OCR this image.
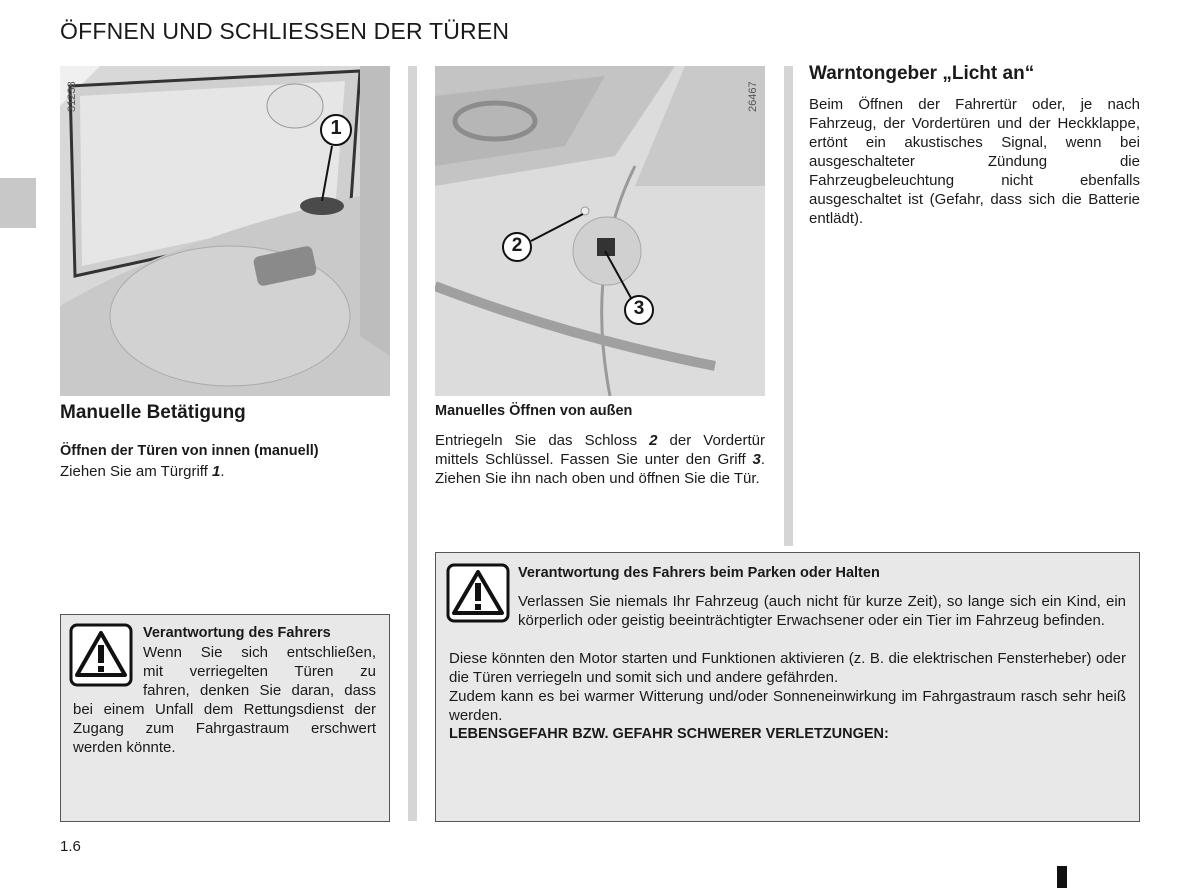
ÖFFNEN UND SCHLIESSEN DER TÜREN
31238
1
26467
2
3
Manuelle Betätigung

Öffnen der Türen von innen (manuell)

Ziehen Sie am Türgriff 1.

Manuelles Öffnen von außen

Entriegeln Sie das Schloss 2 der Vordertür mittels Schlüssel. Fassen Sie unter den Griff 3. Ziehen Sie ihn nach oben und öffnen Sie die Tür.

Warntongeber „Licht an“

Beim Öffnen der Fahrertür oder, je nach Fahrzeug, der Vordertüren und der Heckklappe, ertönt ein akustisches Signal, wenn bei ausgeschalteter Zündung die Fahrzeugbeleuchtung nicht ebenfalls ausgeschaltet ist (Gefahr, dass sich die Batterie entlädt).

Verantwortung des Fahrers
Wenn Sie sich entschließen,
mit verriegelten Türen zu
fahren, denken Sie daran, dass
bei einem Unfall dem Rettungsdienst der Zugang zum Fahrgastraum erschwert werden könnte.
Verantwortung des Fahrers beim Parken oder Halten
Verlassen Sie niemals Ihr Fahrzeug (auch nicht für kurze Zeit), so lange sich ein Kind, ein körperlich oder geistig beeinträchtigter Erwachsener oder ein Tier im Fahrzeug befinden.
Diese könnten den Motor starten und Funktionen aktivieren (z. B. die elektrischen Fensterheber) oder die Türen verriegeln und somit sich und andere gefährden.
Zudem kann es bei warmer Witterung und/oder Sonneneinwirkung im Fahrgastraum rasch sehr heiß werden.
LEBENSGEFAHR BZW. GEFAHR SCHWERER VERLETZUNGEN:
1.6
